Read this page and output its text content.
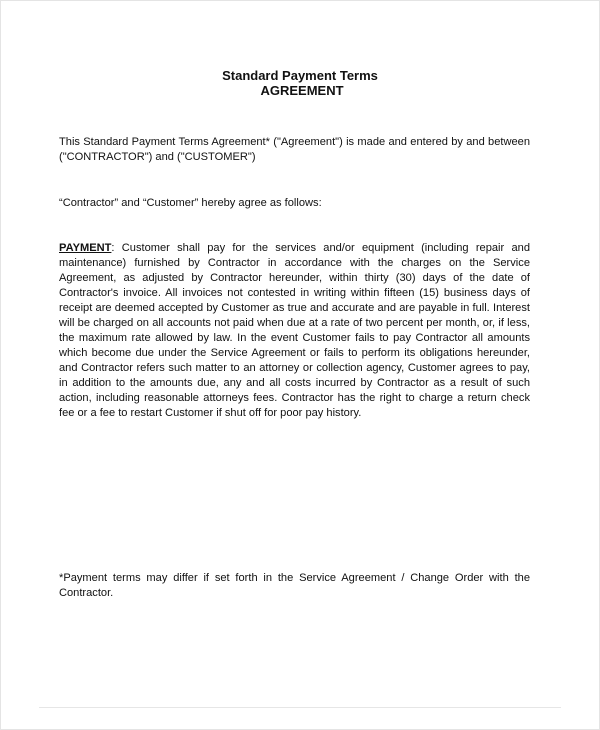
Standard Payment Terms
AGREEMENT
This Standard Payment Terms Agreement* ("Agreement") is made and entered by and between ("CONTRACTOR") and ("CUSTOMER")
“Contractor” and “Customer” hereby agree as follows:
PAYMENT: Customer shall pay for the services and/or equipment (including repair and maintenance) furnished by Contractor in accordance with the charges on the Service Agreement, as adjusted by Contractor hereunder, within thirty (30) days of the date of Contractor's invoice. All invoices not contested in writing within fifteen (15) business days of receipt are deemed accepted by Customer as true and accurate and are payable in full. Interest will be charged on all accounts not paid when due at a rate of two percent per month, or, if less, the maximum rate allowed by law. In the event Customer fails to pay Contractor all amounts which become due under the Service Agreement or fails to perform its obligations hereunder, and Contractor refers such matter to an attorney or collection agency, Customer agrees to pay, in addition to the amounts due, any and all costs incurred by Contractor as a result of such action, including reasonable attorneys fees. Contractor has the right to charge a return check fee or a fee to restart Customer if shut off for poor pay history.
*Payment terms may differ if set forth in the Service Agreement / Change Order with the Contractor.
